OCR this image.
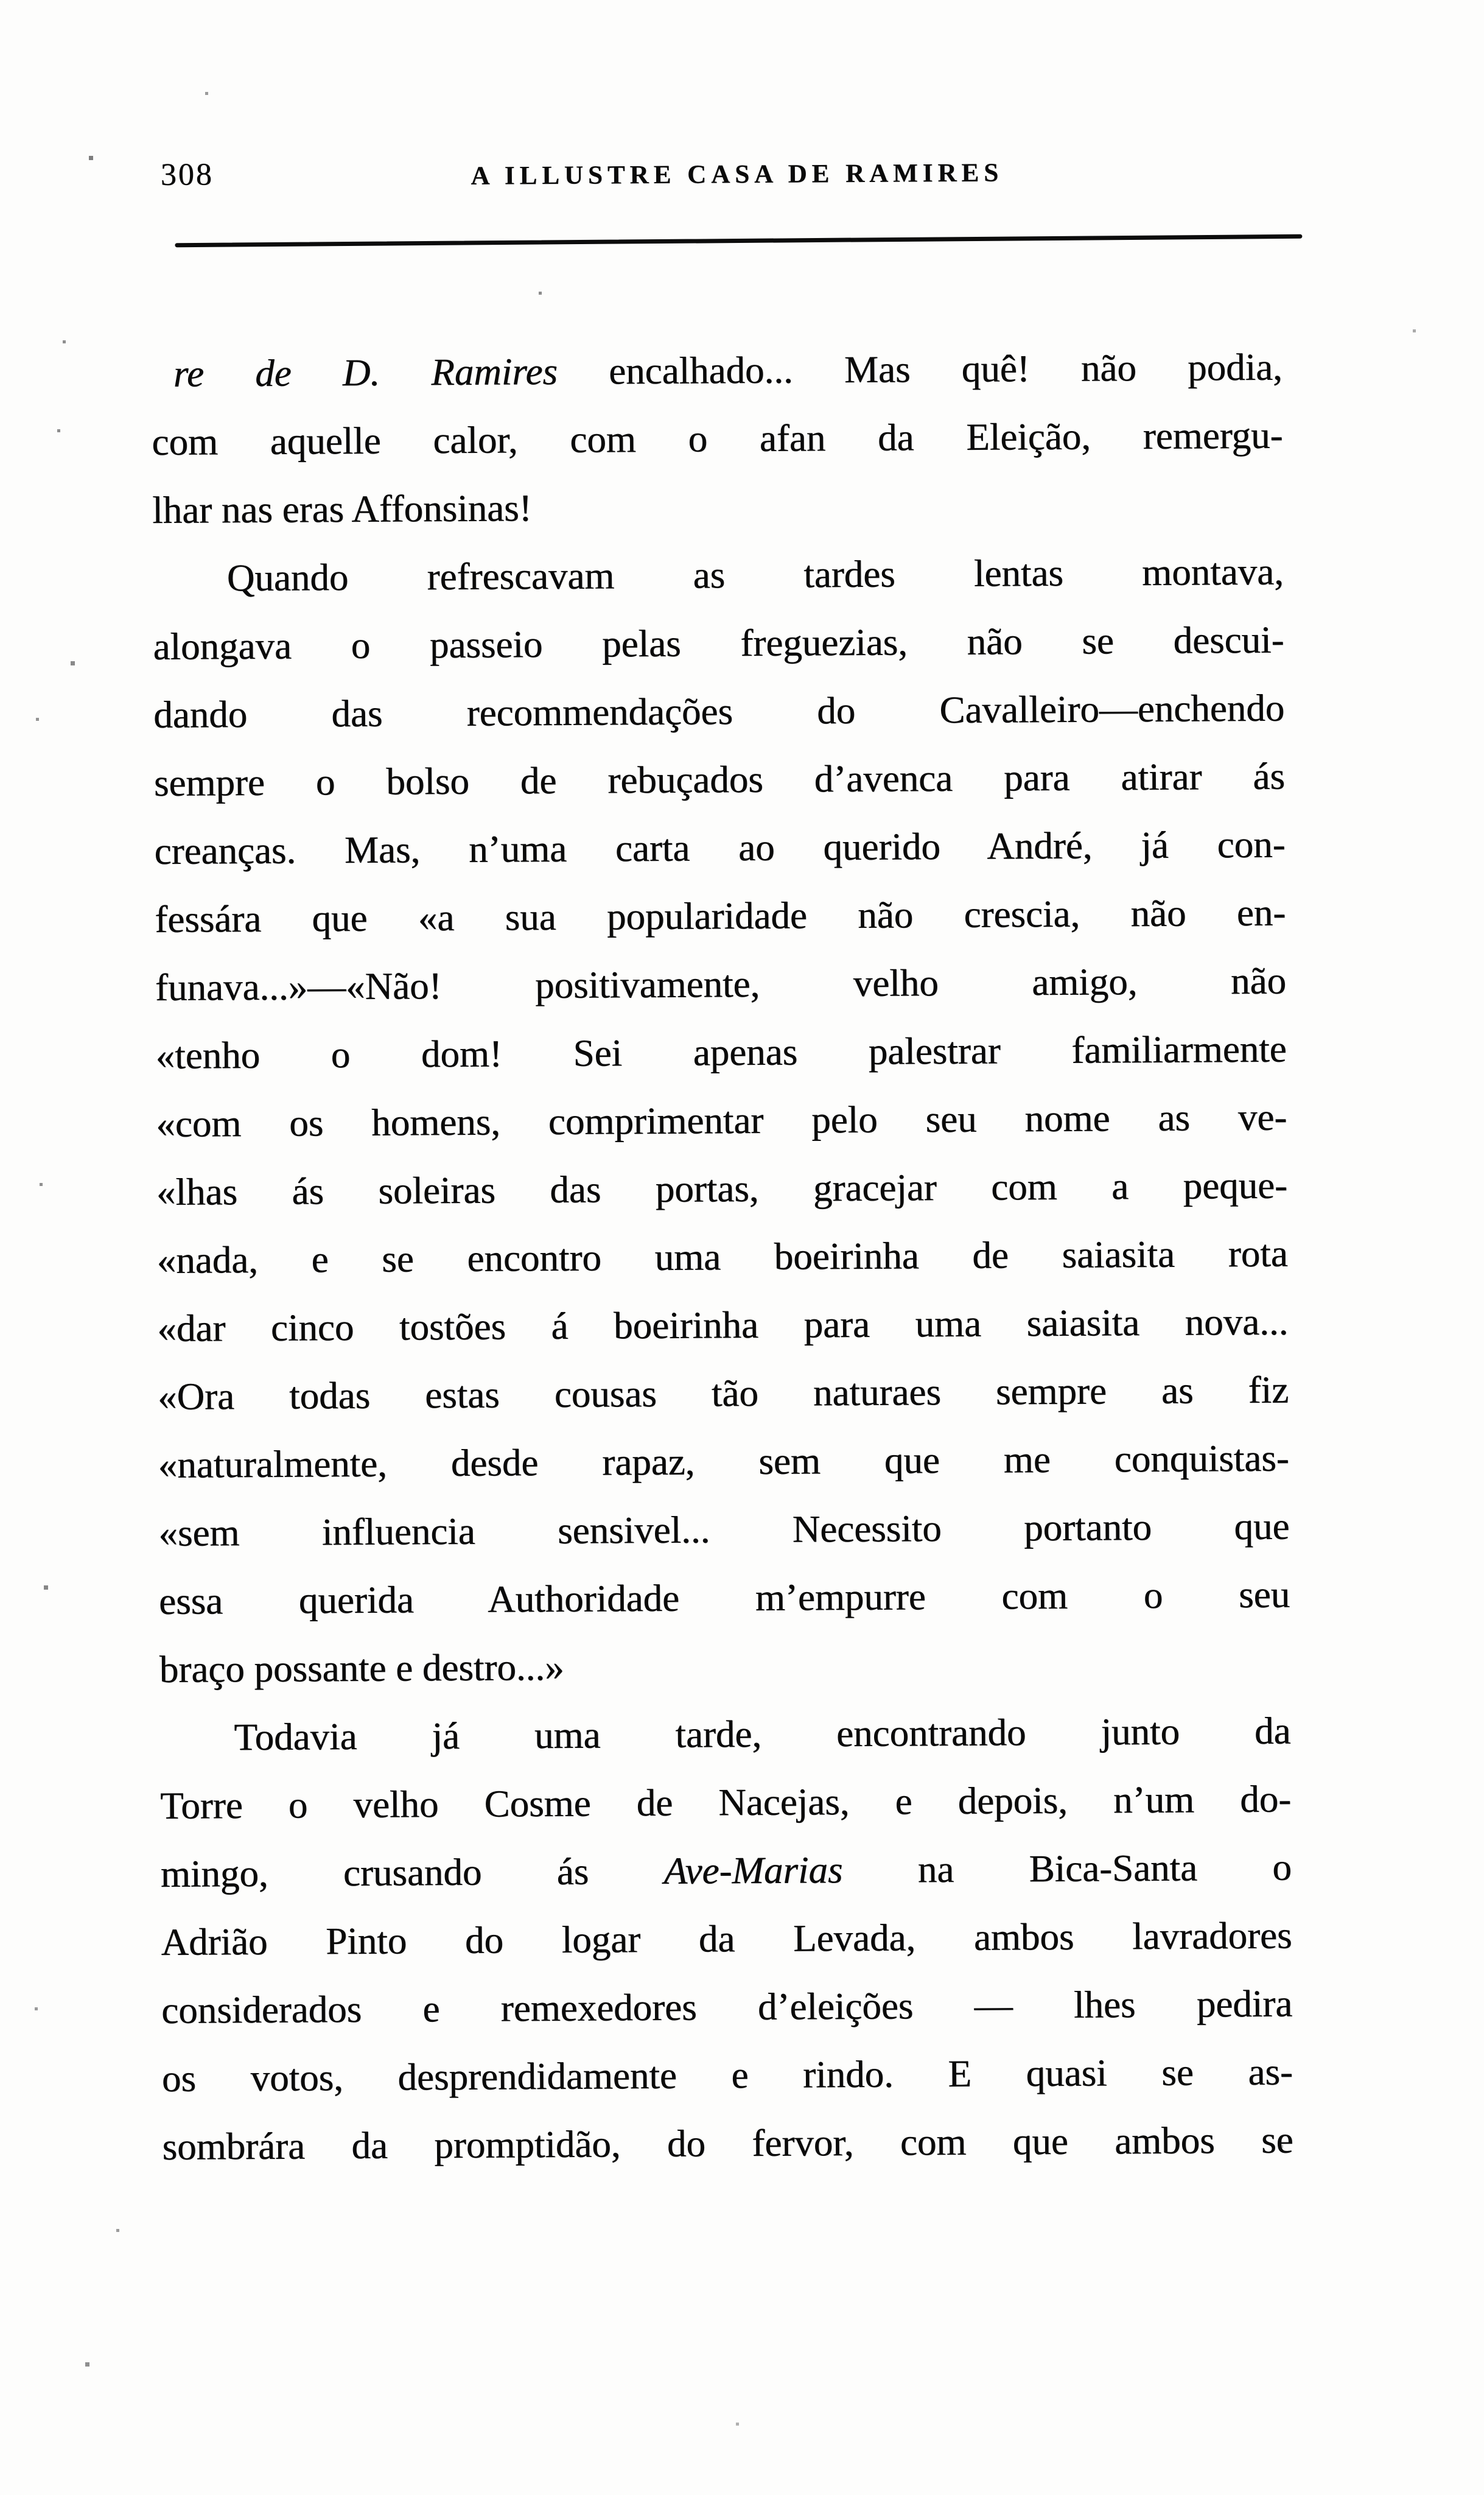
308	A ILLUSTRE CASA DE RAMIRES
re de D. Ramires encalhado... Mas quê! não podia,
com aquelle calor, com o afan da Eleição, remergu-
lhar nas eras Affonsinas!
Quando refrescavam as tardes lentas montava,
alongava o passeio pelas freguezias, não se descui-
dando das recommendações do Cavalleiro—enchendo
sempre o bolso de rebuçados d’avenca para atirar ás
creanças. Mas, n’uma carta ao querido André, já con-
fessára que «a sua popularidade não crescia, não en-
funava...»—«Não! positivamente, velho amigo, não
«tenho o dom! Sei apenas palestrar familiarmente
«com os homens, comprimentar pelo seu nome as ve-
«lhas ás soleiras das portas, gracejar com a peque-
«nada, e se encontro uma boeirinha de saiasita rota
«dar cinco tostões á boeirinha para uma saiasita nova...
«Ora todas estas cousas tão naturaes sempre as fiz
«naturalmente, desde rapaz, sem que me conquistas-
«sem influencia sensivel... Necessito portanto que
essa querida Authoridade m’empurre com o seu
braço possante e destro...»
Todavia já uma tarde, encontrando junto da
Torre o velho Cosme de Nacejas, e depois, n’um do-
mingo, crusando ás Ave-Marias na Bica-Santa o
Adrião Pinto do logar da Levada, ambos lavradores
considerados e remexedores d’eleições — lhes pedira
os votos, desprendidamente e rindo. E quasi se as-
sombrára da promptidão, do fervor, com que ambos se
